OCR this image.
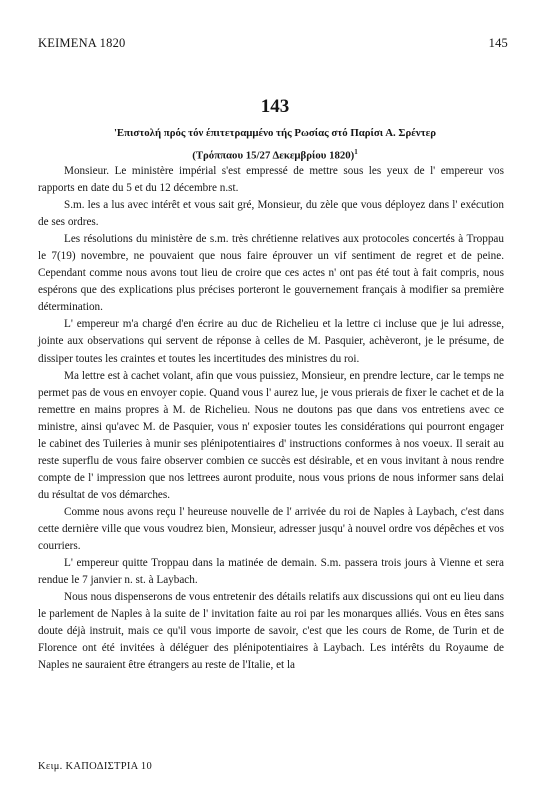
ΚΕΙΜΕΝΑ 1820	145
143
'Επιστολή πρός τόν έπιτετραμμένο τής Ρωσίας στό Παρίσι Α. Σρέντερ
(Τρόππαου 15/27 Δεκεμβρίου 1820)$^1$

Monsieur. Le ministère impérial s'est empressé de mettre sous les yeux de l' empereur vos rapports en date du 5 et du 12 décembre n.st.

S.m. les a lus avec intérêt et vous sait gré, Monsieur, du zèle que vous déployez dans l' exécution de ses ordres.

Les résolutions du ministère de s.m. très chrétienne relatives aux protocoles concertés à Troppau le 7(19) novembre, ne pouvaient que nous faire éprouver un vif sentiment de regret et de peine. Cependant comme nous avons tout lieu de croire que ces actes n' ont pas été tout à fait compris, nous espérons que des explications plus précises porteront le gouvernement français à modifier sa première détermination.

L' empereur m'a chargé d'en écrire au duc de Richelieu et la lettre ci incluse que je lui adresse, jointe aux observations qui servent de réponse à celles de M. Pasquier, achèveront, je le présume, de dissiper toutes les craintes et toutes les incertitudes des ministres du roi.

Ma lettre est à cachet volant, afin que vous puissiez, Monsieur, en prendre lecture, car le temps ne permet pas de vous en envoyer copie. Quand vous l' aurez lue, je vous prierais de fixer le cachet et de la remettre en mains propres à M. de Richelieu. Nous ne doutons pas que dans vos entretiens avec ce ministre, ainsi qu'avec M. de Pasquier, vous n' exposier toutes les considérations qui pourront engager le cabinet des Tuileries à munir ses plénipotentiaires d' instructions conformes à nos voeux. Il serait au reste superflu de vous faire observer combien ce succès est désirable, et en vous invitant à nous rendre compte de l' impression que nos lettrees auront produite, nous vous prions de nous informer sans delai du résultat de vos démarches.

Comme nous avons reçu l' heureuse nouvelle de l' arrivée du roi de Naples à Laybach, c'est dans cette dernière ville que vous voudrez bien, Monsieur, adresser jusqu' à nouvel ordre vos dépêches et vos courriers.

L' empereur quitte Troppau dans la matinée de demain. S.m. passera trois jours à Vienne et sera rendue le 7 janvier n. st. à Laybach.

Nous nous dispenserons de vous entretenir des détails relatifs aux discussions qui ont eu lieu dans le parlement de Naples à la suite de l' invitation faite au roi par les monarques alliés. Vous en êtes sans doute déjà instruit, mais ce qu'il vous importe de savoir, c'est que les cours de Rome, de Turin et de Florence ont été invitées à déléguer des plénipotentiaires à Laybach. Les intérêts du Royaume de Naples ne sauraient être étrangers au reste de l'Italie, et la

Κειμ. ΚΑΠΟΔΙΣΤΡΙΑ 10
